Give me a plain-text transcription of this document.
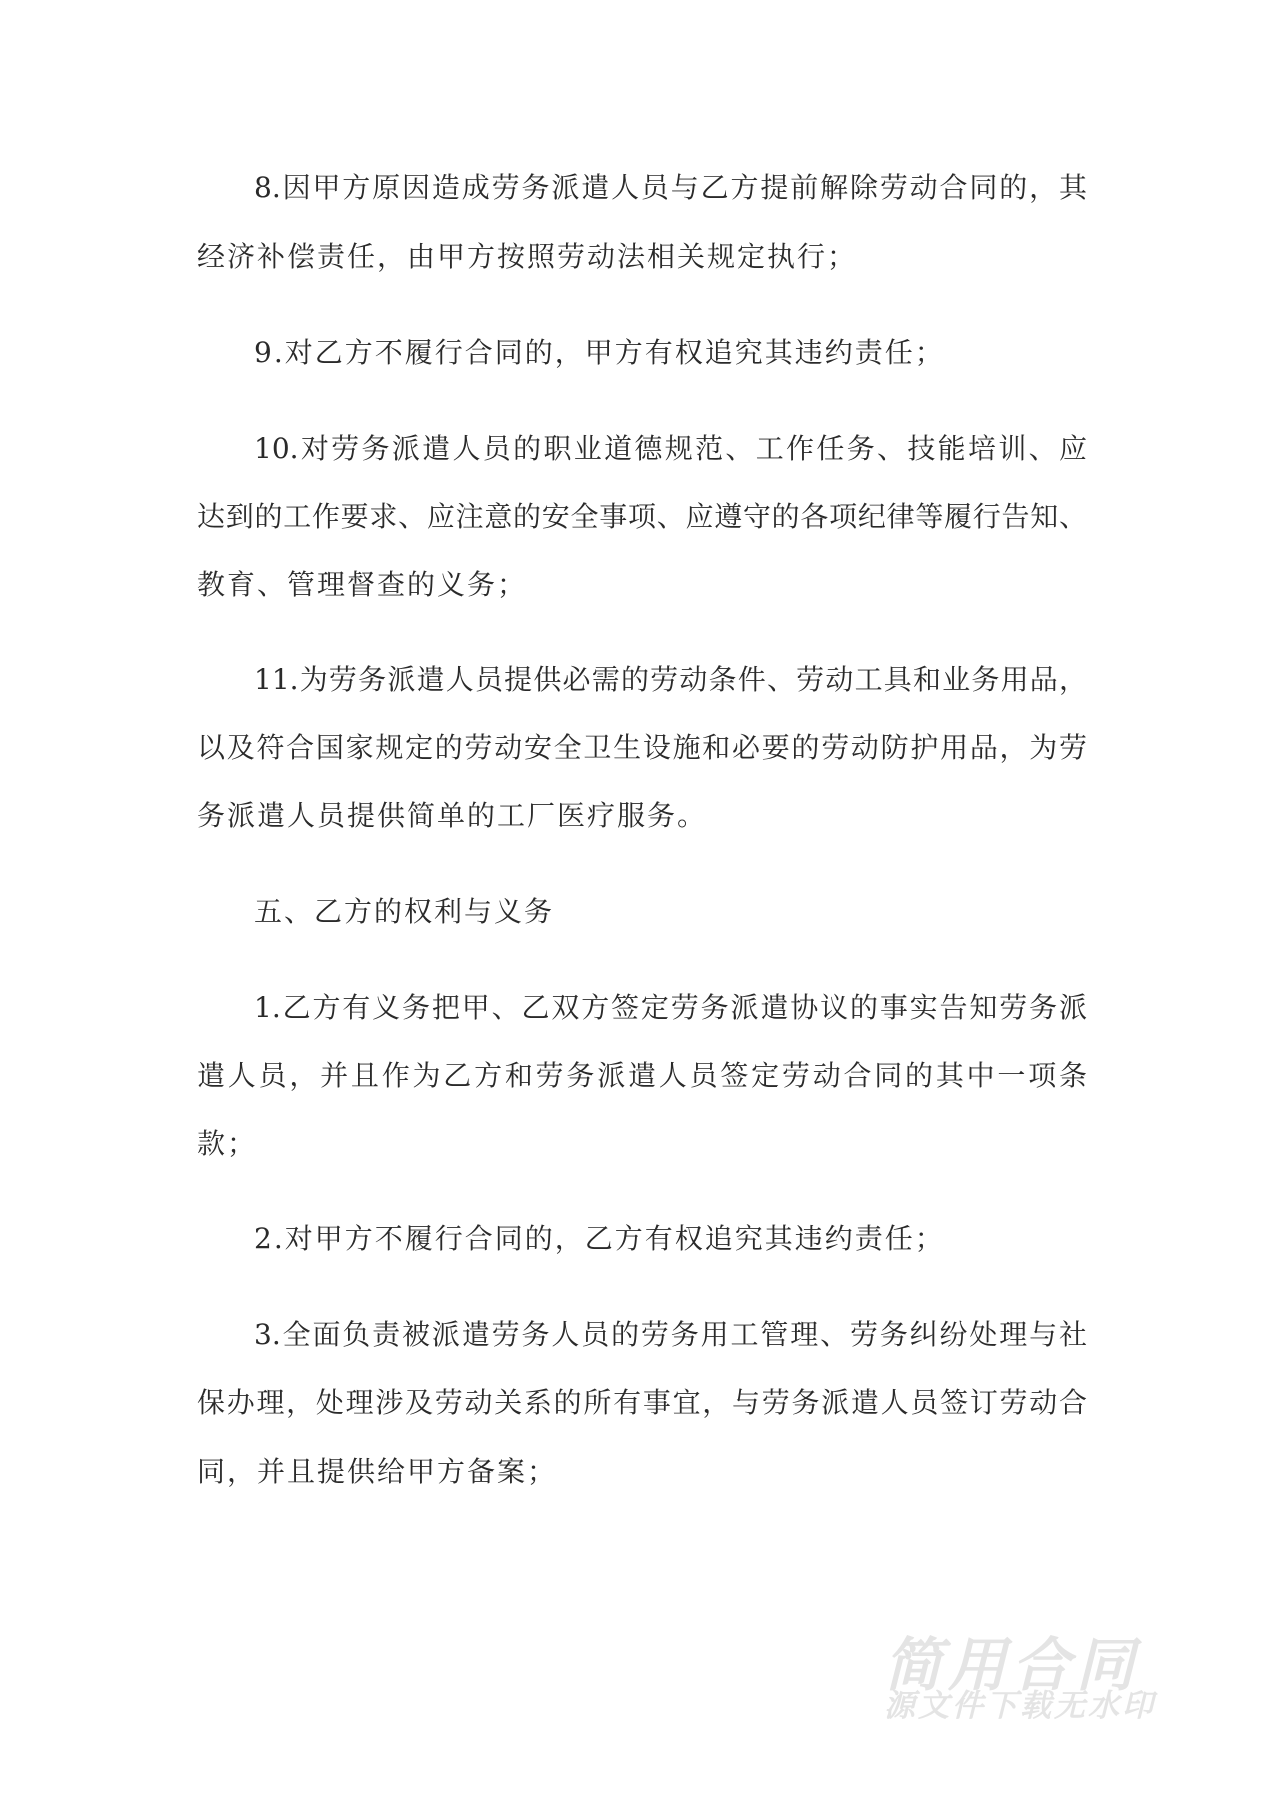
8.因甲方原因造成劳务派遣人员与乙方提前解除劳动合同的，其
经济补偿责任，由甲方按照劳动法相关规定执行；
9.对乙方不履行合同的，甲方有权追究其违约责任；
10.对劳务派遣人员的职业道德规范、工作任务、技能培训、应
达到的工作要求、应注意的安全事项、应遵守的各项纪律等履行告知、
教育、管理督查的义务；
11.为劳务派遣人员提供必需的劳动条件、劳动工具和业务用品，
以及符合国家规定的劳动安全卫生设施和必要的劳动防护用品，为劳
务派遣人员提供简单的工厂医疗服务。
五、乙方的权利与义务
1.乙方有义务把甲、乙双方签定劳务派遣协议的事实告知劳务派
遣人员，并且作为乙方和劳务派遣人员签定劳动合同的其中一项条
款；
2.对甲方不履行合同的，乙方有权追究其违约责任；
3.全面负责被派遣劳务人员的劳务用工管理、劳务纠纷处理与社
保办理，处理涉及劳动关系的所有事宜，与劳务派遣人员签订劳动合
同，并且提供给甲方备案；
简用合同
源文件下载无水印
